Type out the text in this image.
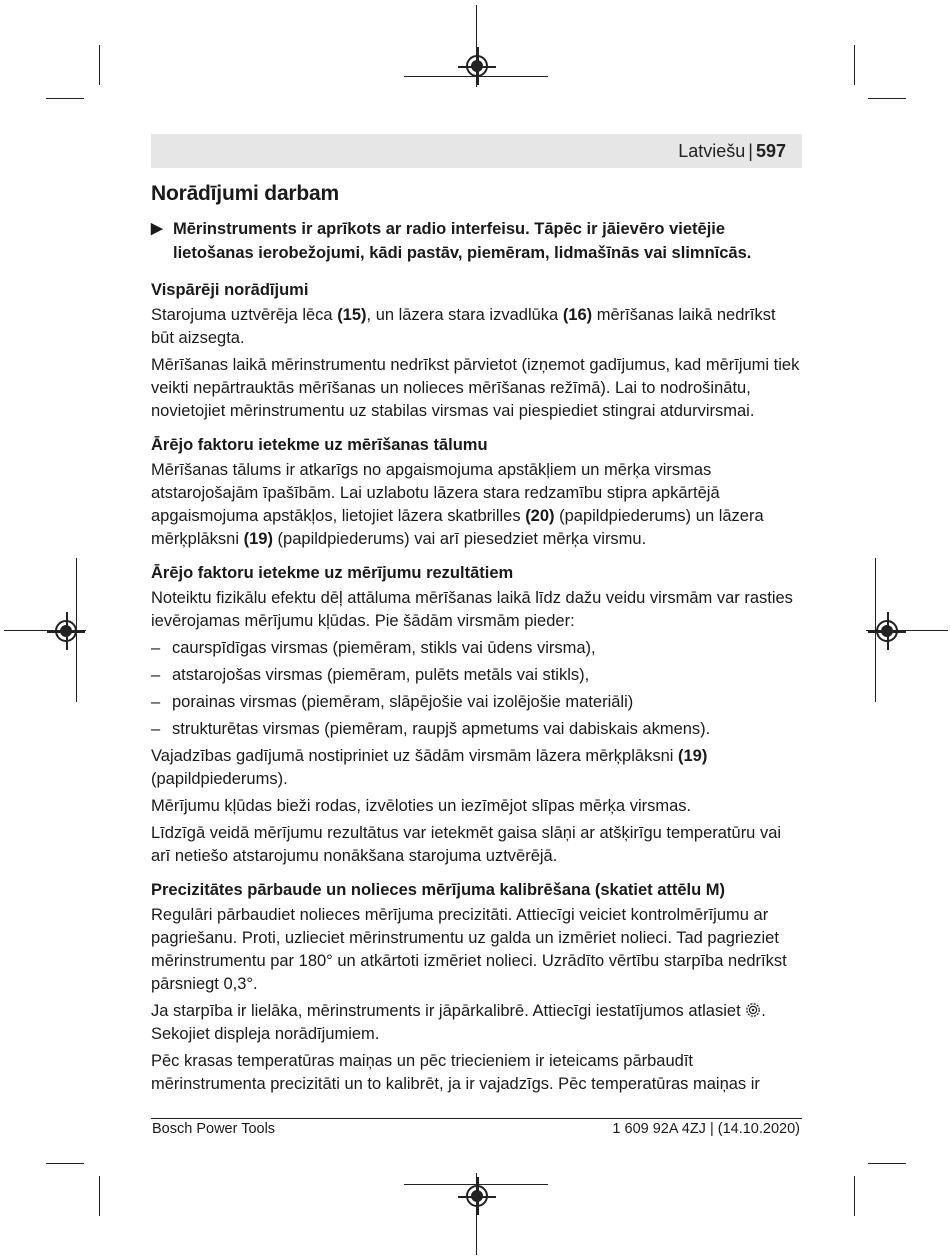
Latviešu | 597
Norādījumi darbam
▶ Mērinstruments ir aprīkots ar radio interfeisu. Tāpēc ir jāievēro vietējie lietošanas ierobežojumi, kādi pastāv, piemēram, lidmašīnās vai slimnīcās.
Vispārēji norādījumi

Starojuma uztvērēja lēca (15), un lāzera stara izvadlūka (16) mērīšanas laikā nedrīkst būt aizsegta.

Mērīšanas laikā mērinstrumentu nedrīkst pārvietot (izņemot gadījumus, kad mērījumi tiek veikti nepārtrauktās mērīšanas un nolieces mērīšanas režīmā). Lai to nodrošinātu, novietojiet mērinstrumentu uz stabilas virsmas vai piespiediet stingrai atdurvirsmai.

Ārējo faktoru ietekme uz mērīšanas tālumu

Mērīšanas tālums ir atkarīgs no apgaismojuma apstākļiem un mērķa virsmas atstarojošajām īpašībām. Lai uzlabotu lāzera stara redzamību stipra apkārtējā apgaismojuma apstākļos, lietojiet lāzera skatbrilles (20) (papildpiederums) un lāzera mērķplāksni (19) (papildpiederums) vai arī piesedziet mērķa virsmu.

Ārējo faktoru ietekme uz mērījumu rezultātiem

Noteiktu fizikālu efektu dēļ attāluma mērīšanas laikā līdz dažu veidu virsmām var rasties ievērojamas mērījumu kļūdas. Pie šādām virsmām pieder:

– caurspīdīgas virsmas (piemēram, stikls vai ūdens virsma),
– atstarojošas virsmas (piemēram, pulēts metāls vai stikls),
– porainas virsmas (piemēram, slāpējošie vai izolējošie materiāli)
– strukturētas virsmas (piemēram, raupjš apmetums vai dabiskais akmens).

Vajadzības gadījumā nostipriniet uz šādām virsmām lāzera mērķplāksni (19) (papildpiederums).

Mērījumu kļūdas bieži rodas, izvēloties un iezīmējot slīpas mērķa virsmas.

Līdzīgā veidā mērījumu rezultātus var ietekmēt gaisa slāņi ar atšķirīgu temperatūru vai arī netiešo atstarojumu nonākšana starojuma uztvērējā.

Precizitātes pārbaude un nolieces mērījuma kalibrēšana (skatiet attēlu M)

Regulāri pārbaudiet nolieces mērījuma precizitāti. Attiecīgi veiciet kontrolmērījumu ar pagriešanu. Proti, uzlieciet mērinstrumentu uz galda un izmēriet nolieci. Tad pagrieziet mērinstrumentu par 180° un atkārtoti izmēriet nolieci. Uzrādīto vērtību starpība nedrīkst pārsniegt 0,3°.

Ja starpība ir lielāka, mērinstruments ir jāpārkalibrē. Attiecīgi iestatījumos atlasiet .
Sekojiet displeja norādījumiem.

Pēc krasas temperatūras maiņas un pēc triecieniem ir ieteicams pārbaudīt mērinstrumenta precizitāti un to kalibrēt, ja ir vajadzīgs. Pēc temperatūras maiņas ir

Bosch Power Tools	1 609 92A 4ZJ | (14.10.2020)
